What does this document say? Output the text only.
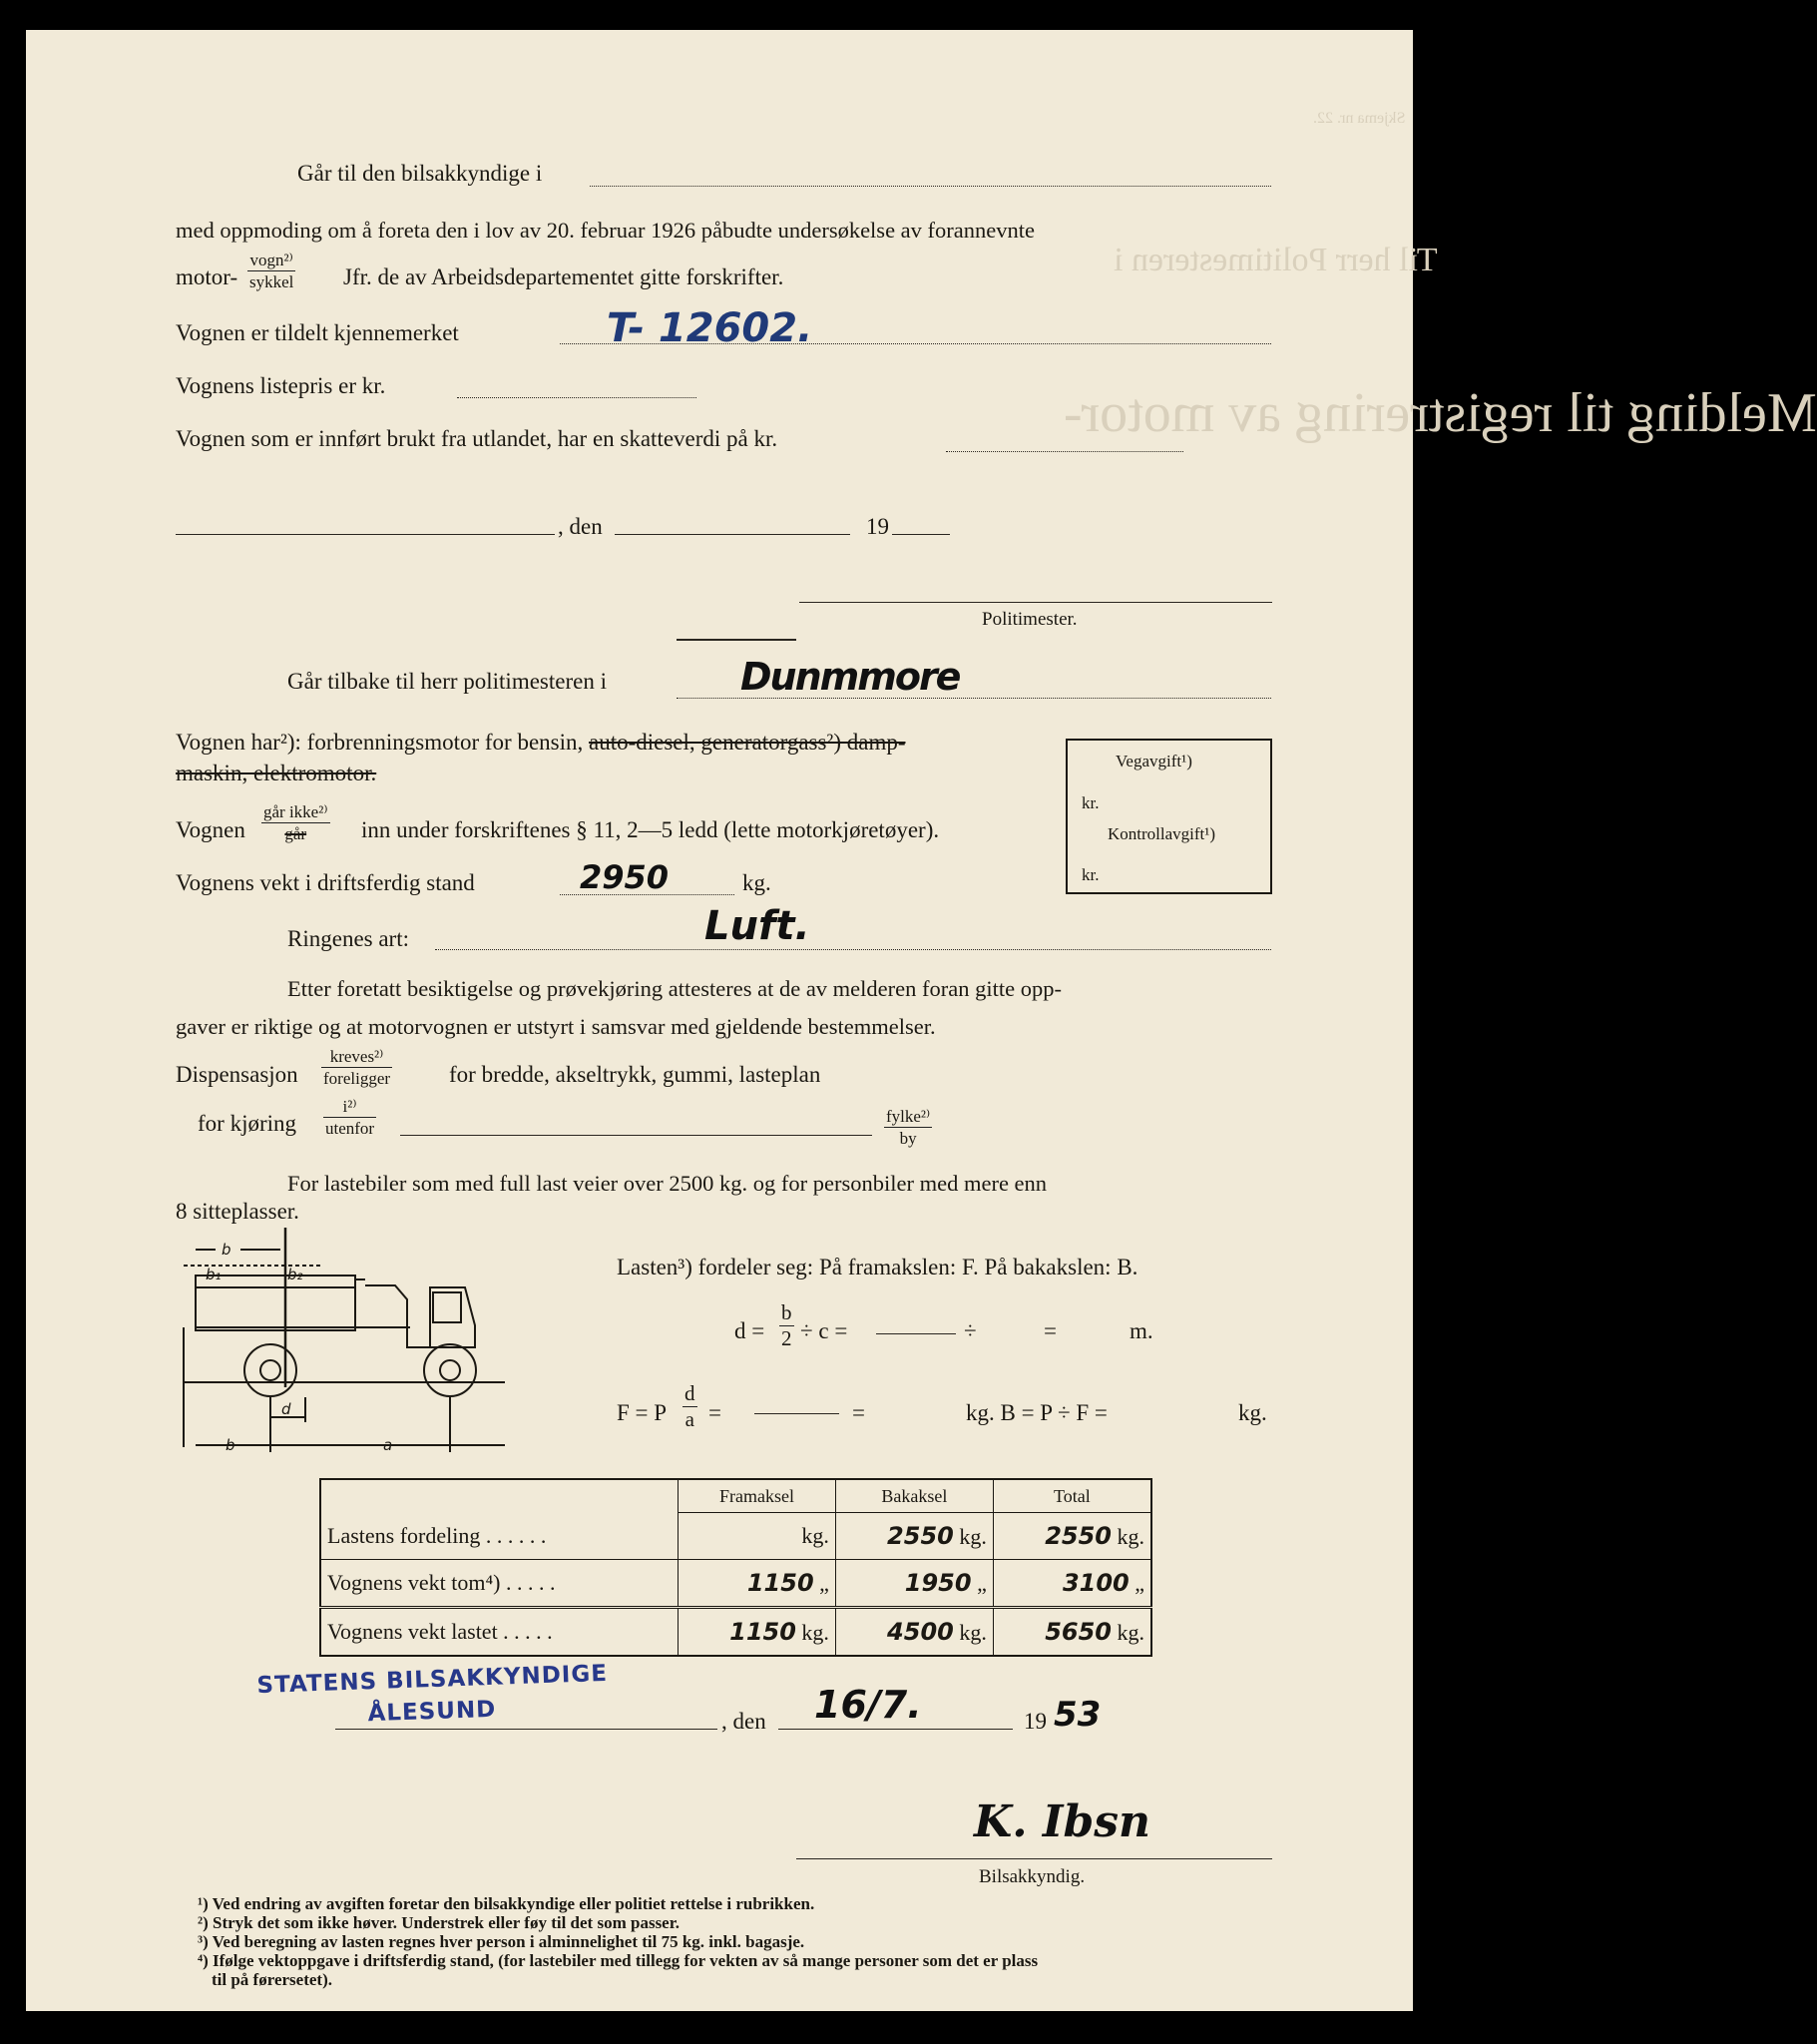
Melding til registrering av motor-
Til herr Politimesteren i
Skjema nr. 22.
Går til den bilsakkyndige i
med oppmoding om å foreta den i lov av 20. februar 1926 påbudte undersøkelse av forannevnte
motor-
vogn²⁾
sykkel Jfr. de av Arbeidsdepartementet gitte forskrifter.
Vognen er tildelt kjennemerket	T- 12602.
Vognens listepris er kr.
Vognen som er innført brukt fra utlandet, har en skatteverdi på kr.
, den	19
Politimester.
Går tilbake til herr politimesteren i	Dunmmore
Vognen har²): forbrenningsmotor for bensin, auto-diesel, generatorgass²) damp-
maskin, elektromotor.	Vegavgift¹)
kr.
Kontrollavgift¹)
kr.
Vognen
går ikke²⁾
går	inn under forskriftenes § 11, 2—5 ledd (lette motorkjøretøyer).
Vognens vekt i driftsferdig stand	2950	kg.
Ringenes art:	Luft.
Etter foretatt besiktigelse og prøvekjøring attesteres at de av melderen foran gitte opp-
gaver er riktige og at motorvognen er utstyrt i samsvar med gjeldende bestemmelser.
Dispensasjon
kreves²⁾
foreligger	for bredde, akseltrykk, gummi, lasteplan
for kjøring
i²⁾
utenfor
fylke²⁾
by
For lastebiler som med full last veier over 2500 kg. og for personbiler med mere enn
8 sitteplasser.
b
b₁	b₂
d
b	a
Lasten³) fordeler seg: På framakslen: F. På bakakslen: B.
$d = \frac{b}{2} \div c$ =	÷	=	m.
F = P $\frac{d}{a}$ =	=	kg. B = P ÷ F =	kg.
	Framaksel	Bakaksel	Total
Lastens fordeling . . . . . .	kg.	2550 kg.	2550 kg.
Vognens vekt tom⁴) . . . . .	1150 „	1950 „	3100 „
Vognens vekt lastet . . . . .	1150 kg.	4500 kg.	5650 kg.
STATENS BILSAKKYNDIGE
ÅLESUND	, den 16/7.	19 53
K. Ibsn
Bilsakkyndig.
¹) Ved endring av avgiften foretar den bilsakkyndige eller politiet rettelse i rubrikken.
²) Stryk det som ikke høver. Understrek eller føy til det som passer.
³) Ved beregning av lasten regnes hver person i alminnelighet til 75 kg. inkl. bagasje.
⁴) Ifølge vektoppgave i driftsferdig stand, (for lastebiler med tillegg for vekten av så mange personer som det er plass
til på førersetet).
